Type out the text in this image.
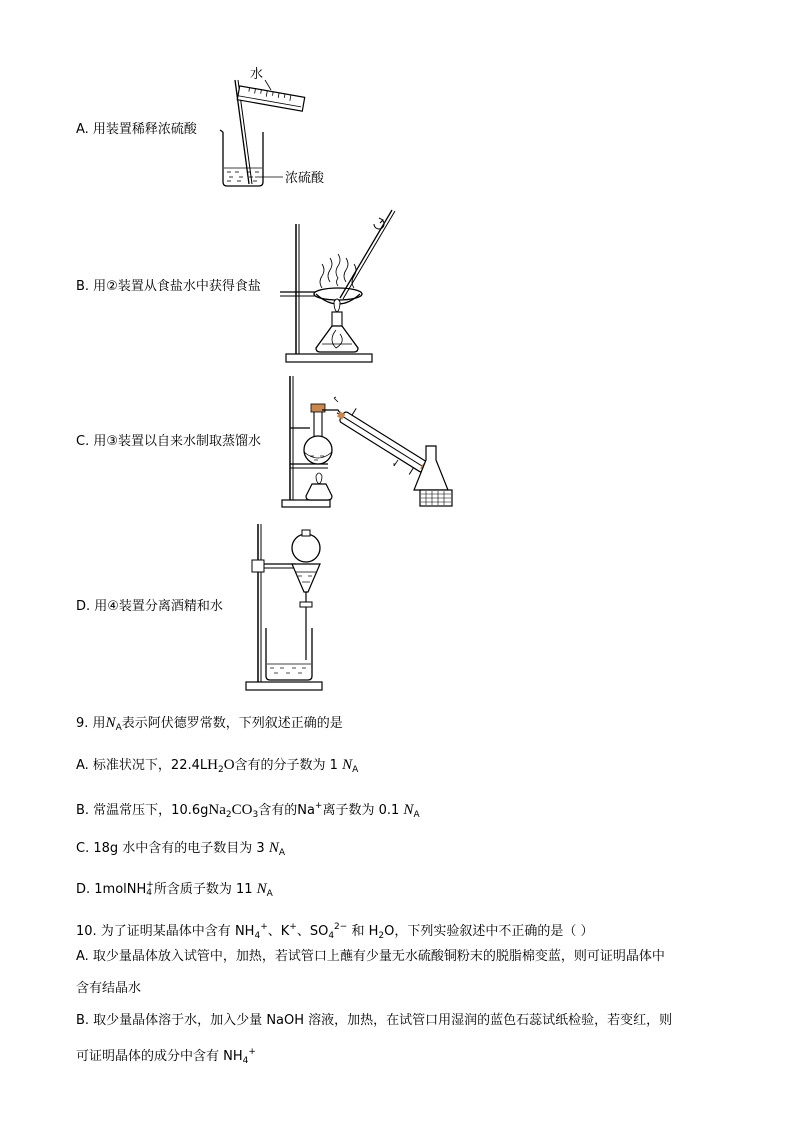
A. 用装置稀释浓硫酸
水
浓硫酸
B. 用②装置从食盐水中获得食盐
C. 用③装置以自来水制取蒸馏水
D. 用④装置分离酒精和水
9. 用$N_A$表示阿伏德罗常数，下列叙述正确的是
A. 标准状况下，$22.4LH_2O$含有的分子数为 1 $N_A$
B. 常温常压下，$10.6gNa_2CO_3$含有的Na+离子数为 0.1 $N_A$
C. 18g 水中含有的电子数目为 3 $N_A$
D. 1molNH +
4 所含质子数为 11 $N_A$
10. 为了证明某晶体中含有 $NH_4^+$、K+、$SO_4^{2-}$ 和 $H_2O$，下列实验叙述中不正确的是（ ）
A. 取少量晶体放入试管中，加热，若试管口上蘸有少量无水硫酸铜粉末的脱脂棉变蓝，则可证明晶体中
含有结晶水
B. 取少量晶体溶于水，加入少量 NaOH 溶液，加热，在试管口用湿润的蓝色石蕊试纸检验，若变红，则
可证明晶体的成分中含有 $NH_4^+$
